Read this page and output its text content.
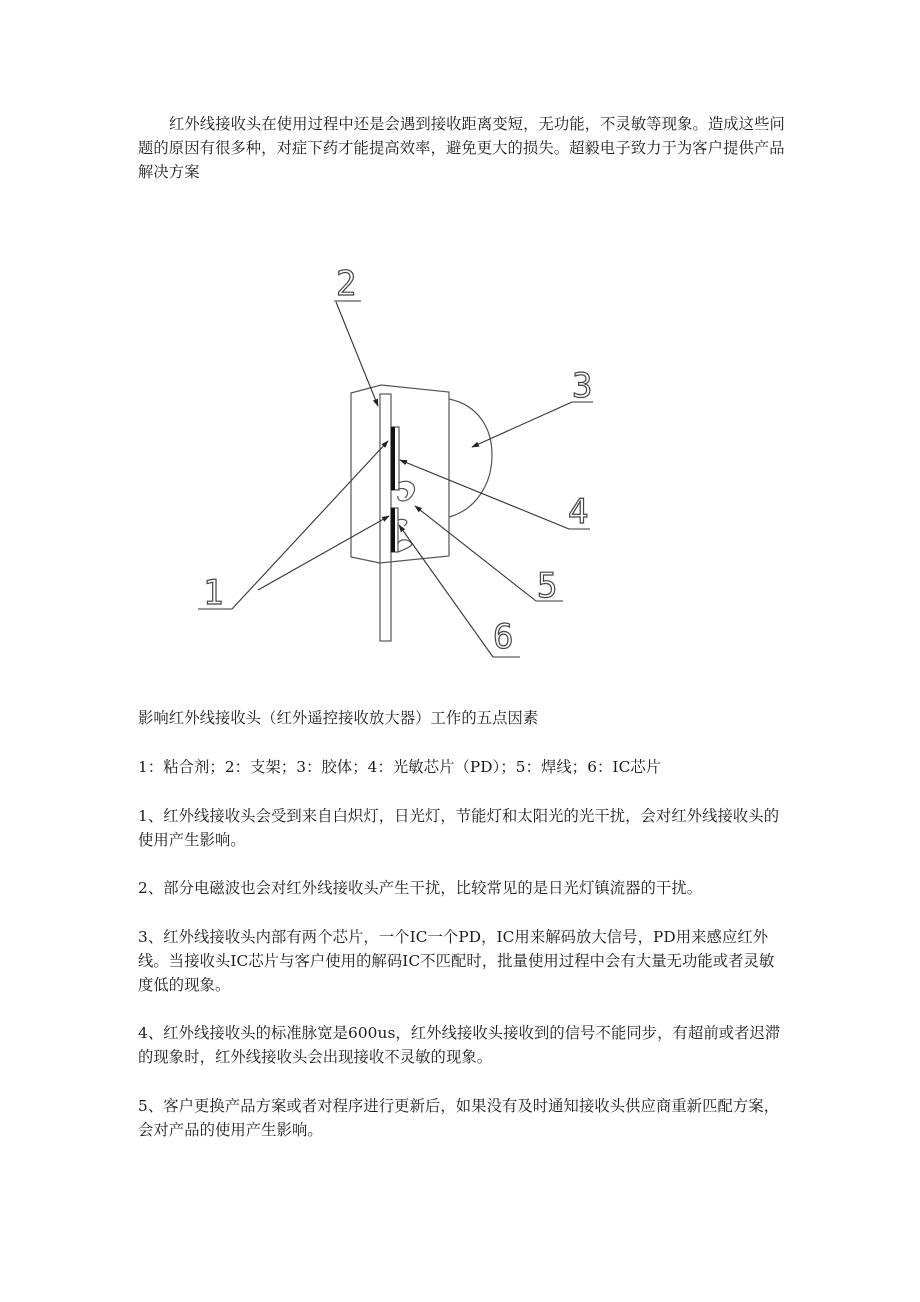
红外线接收头在使用过程中还是会遇到接收距离变短，无功能，不灵敏等现象。造成这些问题的原因有很多种，对症下药才能提高效率，避免更大的损失。超毅电子致力于为客户提供产品解决方案

1
2
3
4
5
6

影响红外线接收头（红外遥控接收放大器）工作的五点因素

1：粘合剂；2：支架；3：胶体；4：光敏芯片（PD）；5：焊线；6：IC芯片

1、红外线接收头会受到来自白炽灯，日光灯，节能灯和太阳光的光干扰，会对红外线接收头的使用产生影响。

2、部分电磁波也会对红外线接收头产生干扰，比较常见的是日光灯镇流器的干扰。

3、红外线接收头内部有两个芯片，一个IC一个PD，IC用来解码放大信号，PD用来感应红外线。当接收头IC芯片与客户使用的解码IC不匹配时，批量使用过程中会有大量无功能或者灵敏度低的现象。

4、红外线接收头的标准脉宽是600us，红外线接收头接收到的信号不能同步，有超前或者迟滞的现象时，红外线接收头会出现接收不灵敏的现象。

5、客户更换产品方案或者对程序进行更新后，如果没有及时通知接收头供应商重新匹配方案，会对产品的使用产生影响。
